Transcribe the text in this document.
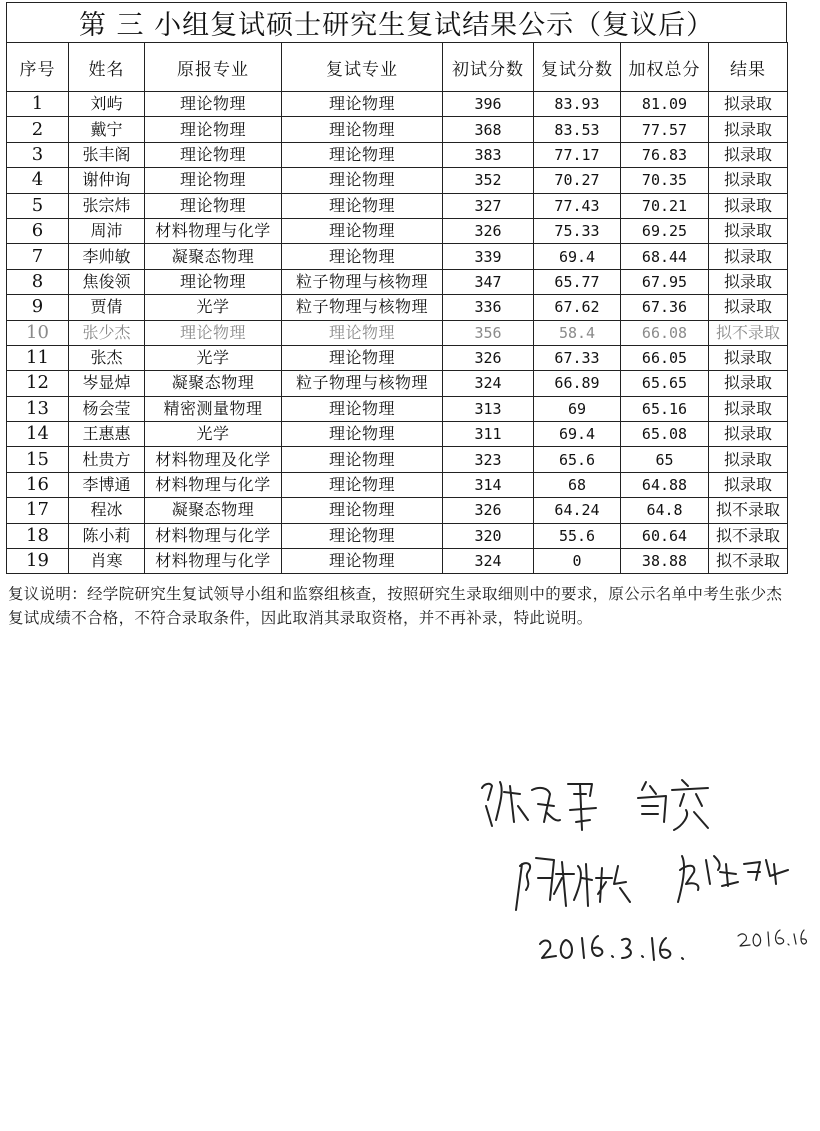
第 三 小组复试硕士研究生复试结果公示（复议后）
序号	姓名	原报专业	复试专业	初试分数	复试分数	加权总分	结果
1	刘屿	理论物理	理论物理	396	83.93	81.09	拟录取
2	戴宁	理论物理	理论物理	368	83.53	77.57	拟录取
3	张丰阁	理论物理	理论物理	383	77.17	76.83	拟录取
4	谢仲询	理论物理	理论物理	352	70.27	70.35	拟录取
5	张宗炜	理论物理	理论物理	327	77.43	70.21	拟录取
6	周沛	材料物理与化学	理论物理	326	75.33	69.25	拟录取
7	李帅敏	凝聚态物理	理论物理	339	69.4	68.44	拟录取
8	焦俊领	理论物理	粒子物理与核物理	347	65.77	67.95	拟录取
9	贾倩	光学	粒子物理与核物理	336	67.62	67.36	拟录取
10	张少杰	理论物理	理论物理	356	58.4	66.08	拟不录取
11	张杰	光学	理论物理	326	67.33	66.05	拟录取
12	岑显焯	凝聚态物理	粒子物理与核物理	324	66.89	65.65	拟录取
13	杨会莹	精密测量物理	理论物理	313	69	65.16	拟录取
14	王惠惠	光学	理论物理	311	69.4	65.08	拟录取
15	杜贵方	材料物理及化学	理论物理	323	65.6	65	拟录取
16	李博通	材料物理与化学	理论物理	314	68	64.88	拟录取
17	程冰	凝聚态物理	理论物理	326	64.24	64.8	拟不录取
18	陈小莉	材料物理与化学	理论物理	320	55.6	60.64	拟不录取
19	肖寒	材料物理与化学	理论物理	324	0	38.88	拟不录取
复议说明：经学院研究生复试领导小组和监察组核查，按照研究生录取细则中的要求，原公示名单中考生张少杰复试成绩不合格，不符合录取条件，因此取消其录取资格，并不再补录，特此说明。
